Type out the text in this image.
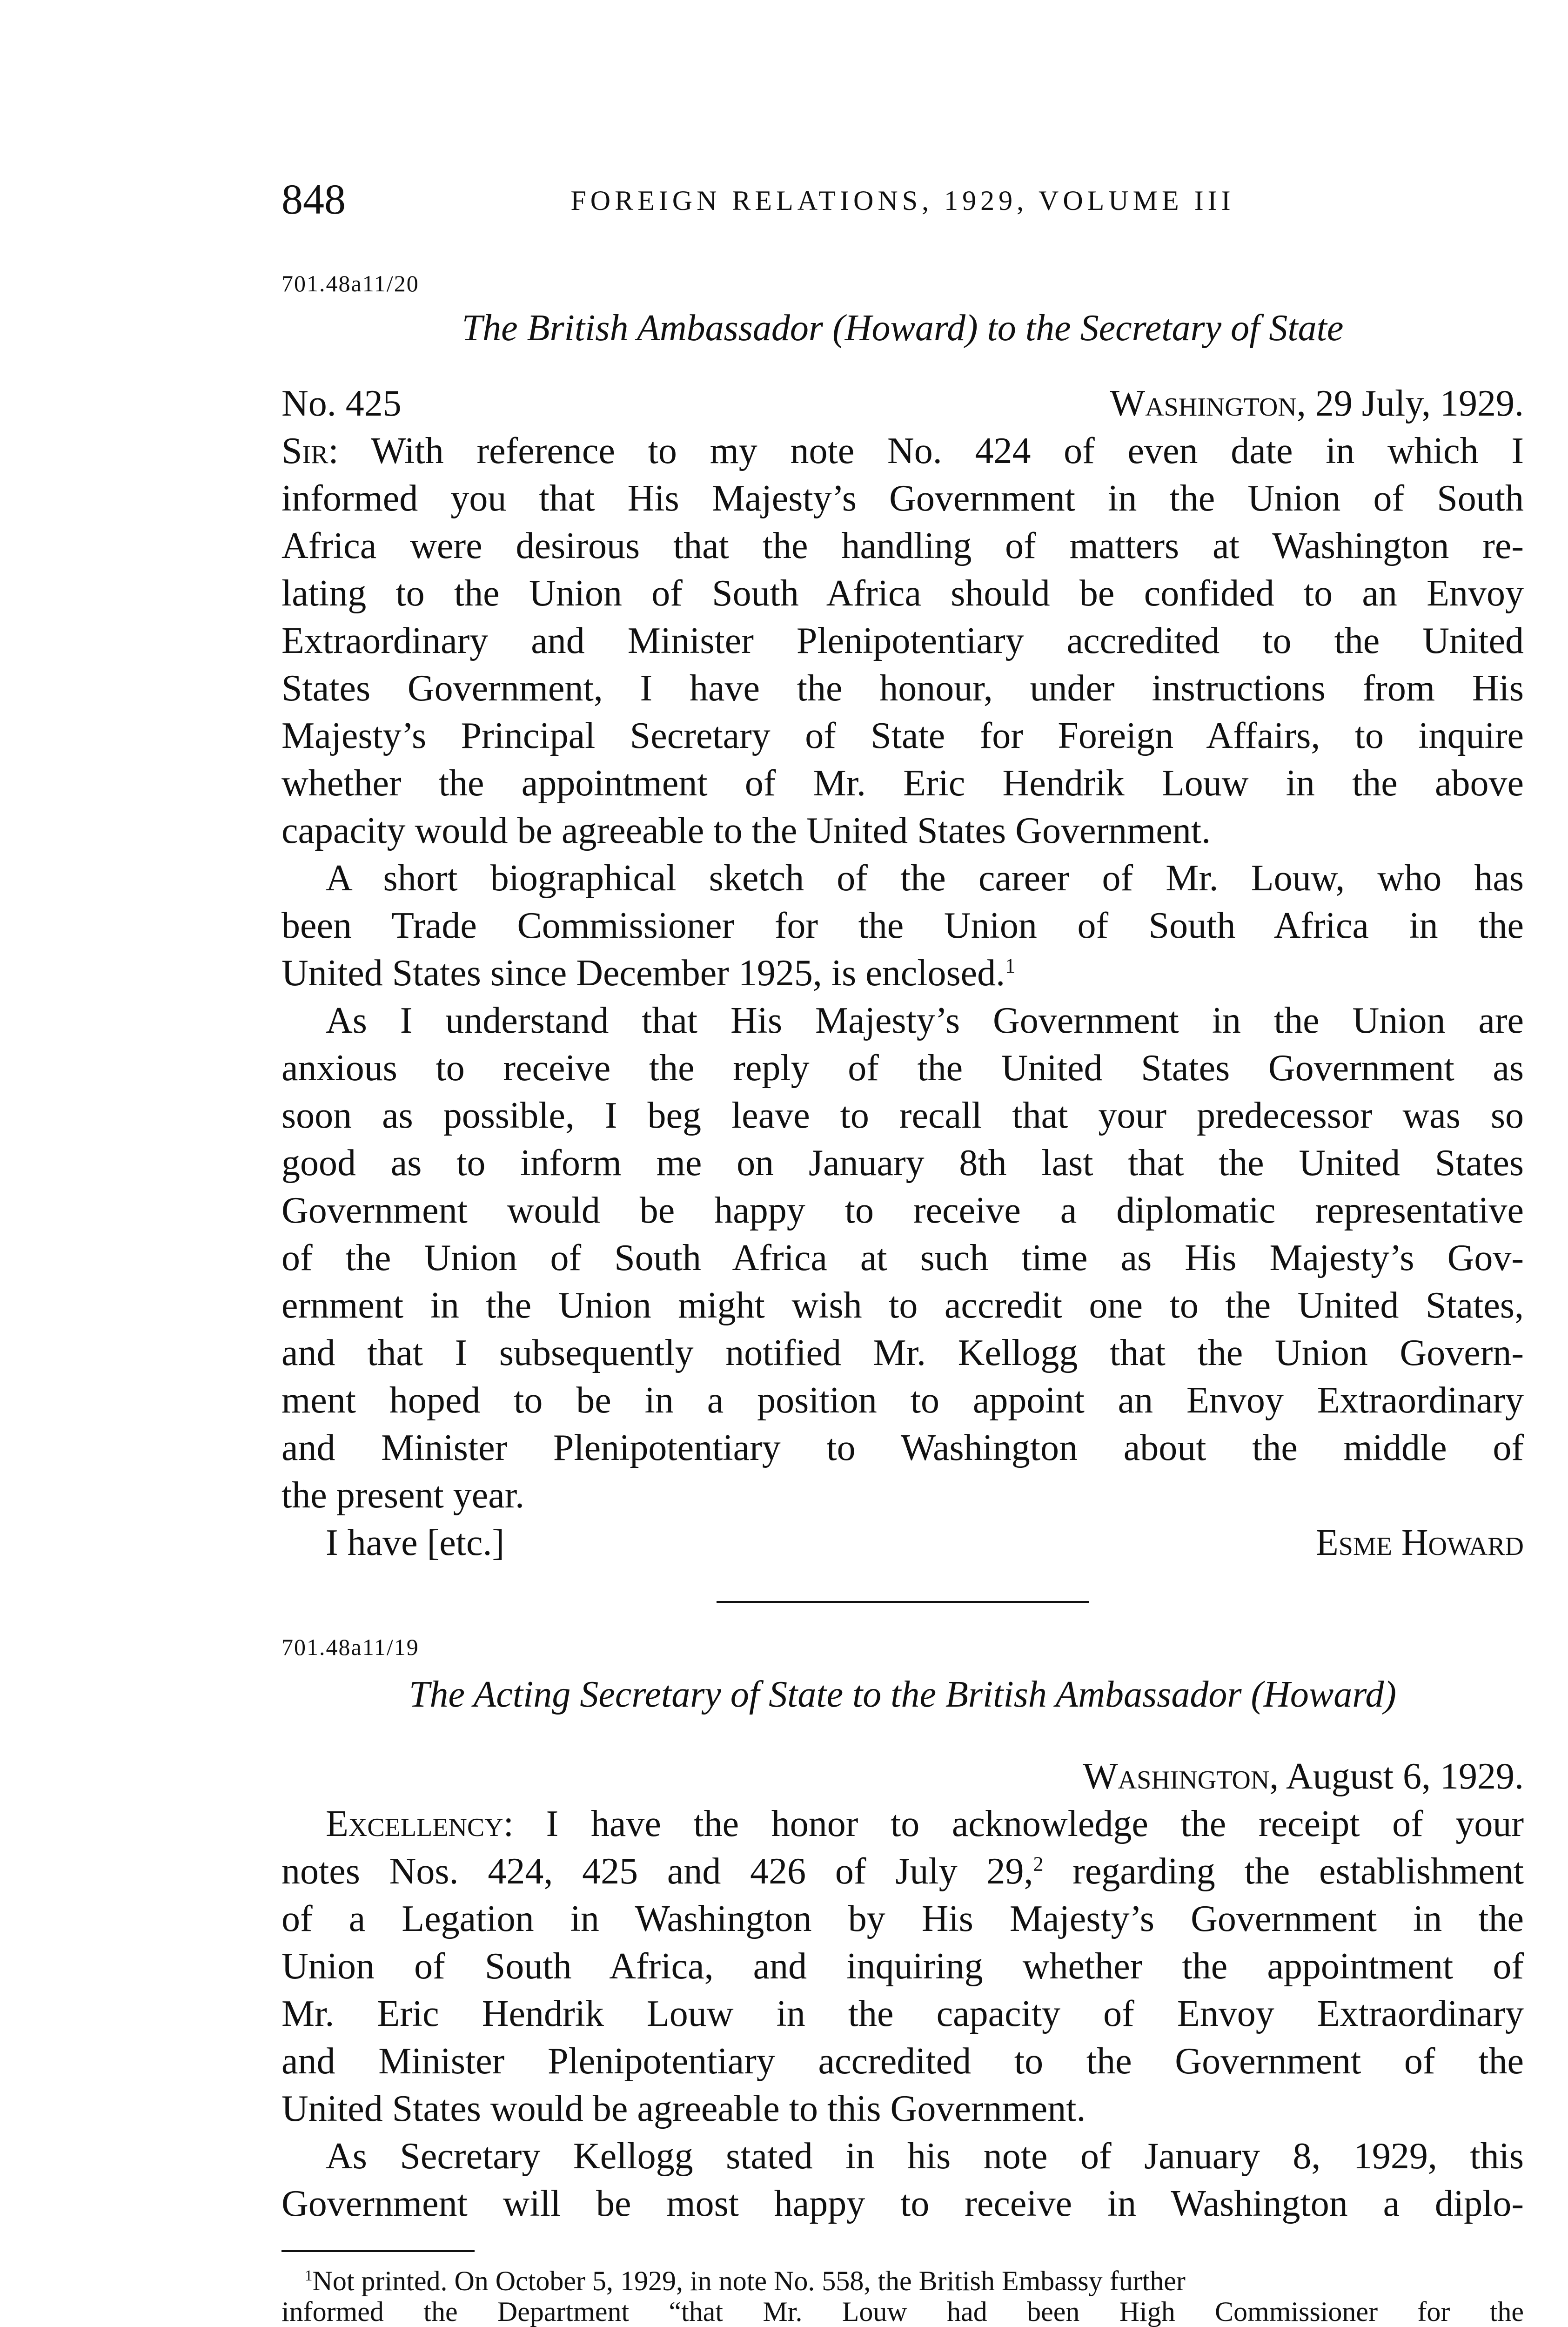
848	FOREIGN RELATIONS, 1929, VOLUME III
701.48a11/20
The British Ambassador (Howard) to the Secretary of State
No. 425	Washington, 29 July, 1929.
Sir: With reference to my note No. 424 of even date in which I
informed you that His Majesty’s Government in the Union of South
Africa were desirous that the handling of matters at Washington re-
lating to the Union of South Africa should be confided to an Envoy
Extraordinary and Minister Plenipotentiary accredited to the United
States Government, I have the honour, under instructions from His
Majesty’s Principal Secretary of State for Foreign Affairs, to inquire
whether the appointment of Mr. Eric Hendrik Louw in the above
capacity would be agreeable to the United States Government.
A short biographical sketch of the career of Mr. Louw, who has
been Trade Commissioner for the Union of South Africa in the
United States since December 1925, is enclosed.$^1$
As I understand that His Majesty’s Government in the Union are
anxious to receive the reply of the United States Government as
soon as possible, I beg leave to recall that your predecessor was so
good as to inform me on January 8th last that the United States
Government would be happy to receive a diplomatic representative
of the Union of South Africa at such time as His Majesty’s Gov-
ernment in the Union might wish to accredit one to the United States,
and that I subsequently notified Mr. Kellogg that the Union Govern-
ment hoped to be in a position to appoint an Envoy Extraordinary
and Minister Plenipotentiary to Washington about the middle of
the present year.
I have [etc.]	Esme Howard
701.48a11/19
The Acting Secretary of State to the British Ambassador (Howard)
Washington, August 6, 1929.
Excellency: I have the honor to acknowledge the receipt of your
notes Nos. 424, 425 and 426 of July 29,$^2$ regarding the establishment
of a Legation in Washington by His Majesty’s Government in the
Union of South Africa, and inquiring whether the appointment of
Mr. Eric Hendrik Louw in the capacity of Envoy Extraordinary
and Minister Plenipotentiary accredited to the Government of the
United States would be agreeable to this Government.
As Secretary Kellogg stated in his note of January 8, 1929, this
Government will be most happy to receive in Washington a diplo-
$^1$Not printed. On October 5, 1929, in note No. 558, the British Embassy further
informed the Department “that Mr. Louw had been High Commissioner for the
